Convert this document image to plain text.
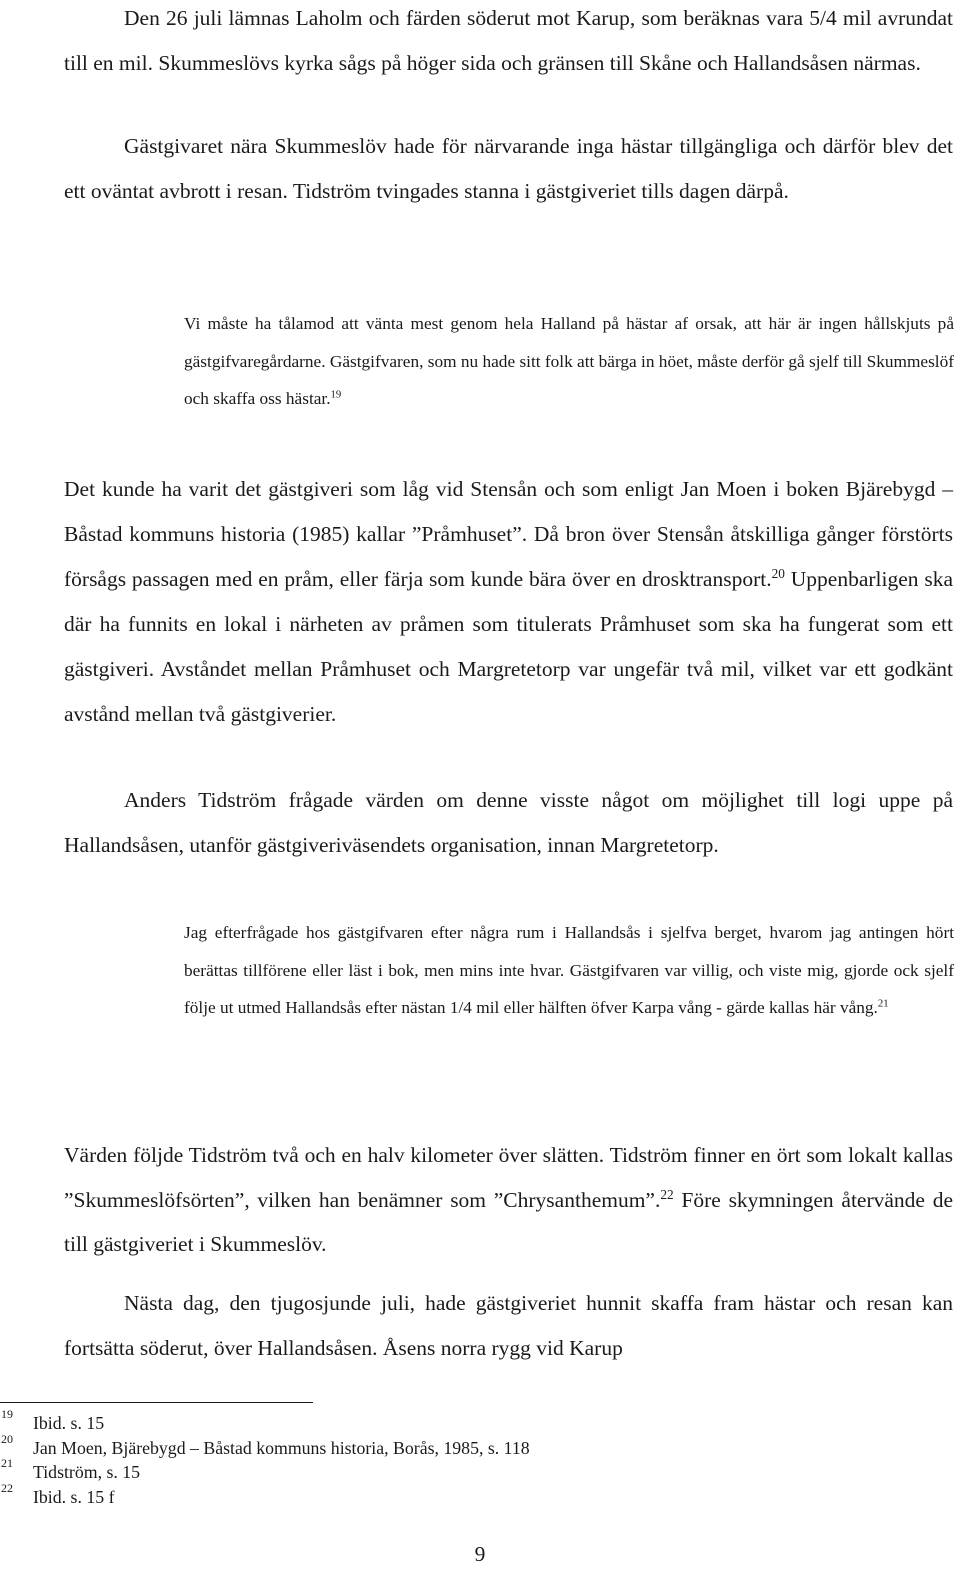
Den 26 juli lämnas Laholm och färden söderut mot Karup, som beräknas vara 5/4 mil avrundat till en mil. Skummeslövs kyrka sågs på höger sida och gränsen till Skåne och Hallandsåsen närmas.

Gästgivaret nära Skummeslöv hade för närvarande inga hästar tillgängliga och därför blev det ett oväntat avbrott i resan. Tidström tvingades stanna i gästgiveriet tills dagen därpå.

Vi måste ha tålamod att vänta mest genom hela Halland på hästar af orsak, att här är ingen hållskjuts på gästgifvaregårdarne. Gästgifvaren, som nu hade sitt folk att bärga in höet, måste derför gå sjelf till Skummeslöf och skaffa oss hästar.$^{19}$

Det kunde ha varit det gästgiveri som låg vid Stensån och som enligt Jan Moen i boken Bjärebygd – Båstad kommuns historia (1985) kallar ”Pråmhuset”. Då bron över Stensån åtskilliga gånger förstörts försågs passagen med en pråm, eller färja som kunde bära över en drosktransport.$^{20}$ Uppenbarligen ska där ha funnits en lokal i närheten av pråmen som titulerats Pråmhuset som ska ha fungerat som ett gästgiveri. Avståndet mellan Pråmhuset och Margretetorp var ungefär två mil, vilket var ett godkänt avstånd mellan två gästgiverier.

Anders Tidström frågade värden om denne visste något om möjlighet till logi uppe på Hallandsåsen, utanför gästgiveriväsendets organisation, innan Margretetorp.

Jag efterfrågade hos gästgifvaren efter några rum i Hallandsås i sjelfva berget, hvarom jag antingen hört berättas tillförene eller läst i bok, men mins inte hvar. Gästgifvaren var villig, och viste mig, gjorde ock sjelf följe ut utmed Hallandsås efter nästan 1/4 mil eller hälften öfver Karpa vång - gärde kallas här vång.$^{21}$

Värden följde Tidström två och en halv kilometer över slätten. Tidström finner en ört som lokalt kallas ”Skummeslöfsörten”, vilken han benämner som ”Chrysanthemum”.$^{22}$ Före skymningen återvände de till gästgiveriet i Skummeslöv.

Nästa dag, den tjugosjunde juli, hade gästgiveriet hunnit skaffa fram hästar och resan kan fortsätta söderut, över Hallandsåsen. Åsens norra rygg vid Karup

19 Ibid. s. 15
20 Jan Moen, Bjärebygd – Båstad kommuns historia, Borås, 1985, s. 118
21 Tidström, s. 15
22 Ibid. s. 15 f
9
